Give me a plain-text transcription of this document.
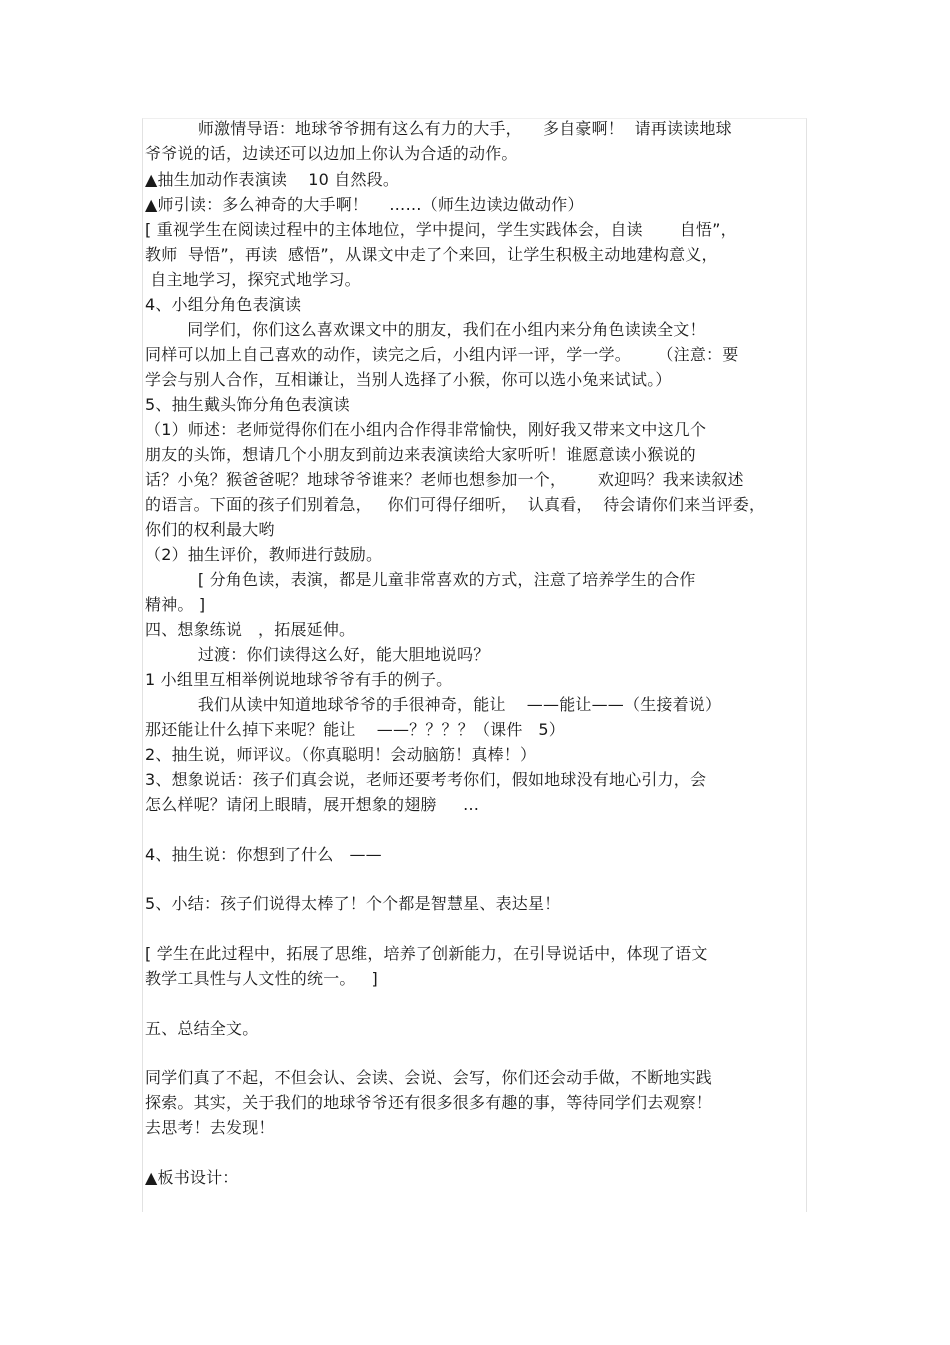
师激情导语：地球爷爷拥有这么有力的大手，    多自豪啊！  请再读读地球
爷爷说的话，边读还可以边加上你认为合适的动作。
▲抽生加动作表演读    10 自然段。
▲师引读：多么神奇的大手啊！    ……（师生边读边做动作）
[ 重视学生在阅读过程中的主体地位，学中提问，学生实践体会，自读       自悟”，
教师  导悟”，再读  感悟”，从课文中走了个来回，让学生积极主动地建构意义，
自主地学习，探究式地学习。
4、小组分角色表演读
同学们，你们这么喜欢课文中的朋友，我们在小组内来分角色读读全文！
同样可以加上自己喜欢的动作，读完之后，小组内评一评，学一学。     （注意：要
学会与别人合作，互相谦让，当别人选择了小猴，你可以选小兔来试试。）
5、抽生戴头饰分角色表演读
（1）师述：老师觉得你们在小组内合作得非常愉快，刚好我又带来文中这几个
朋友的头饰，想请几个小朋友到前边来表演读给大家听听！谁愿意读小猴说的
话？小兔？猴爸爸呢？地球爷爷谁来？老师也想参加一个，      欢迎吗？我来读叙述
的语言。下面的孩子们别着急，   你们可得仔细听，  认真看，  待会请你们来当评委，
你们的权利最大哟
（2）抽生评价，教师进行鼓励。
[ 分角色读，表演，都是儿童非常喜欢的方式，注意了培养学生的合作
精神。 ]
四、想象练说   ，拓展延伸。
过渡：你们读得这么好，能大胆地说吗？
1 小组里互相举例说地球爷爷有手的例子。
我们从读中知道地球爷爷的手很神奇，能让    ——能让——（生接着说）
那还能让什么掉下来呢？能让    ——？？？？（课件   5）
2、抽生说，师评议。（你真聪明！会动脑筋！真棒！）
3、想象说话：孩子们真会说，老师还要考考你们，假如地球没有地心引力，会
怎么样呢？请闭上眼睛，展开想象的翅膀     …
4、抽生说：你想到了什么   ——
5、小结：孩子们说得太棒了！个个都是智慧星、表达星！
[ 学生在此过程中，拓展了思维，培养了创新能力，在引导说话中，体现了语文
教学工具性与人文性的统一。   ]
五、总结全文。
同学们真了不起，不但会认、会读、会说、会写，你们还会动手做，不断地实践
探索。其实，关于我们的地球爷爷还有很多很多有趣的事，等待同学们去观察！
去思考！去发现！
▲板书设计：
